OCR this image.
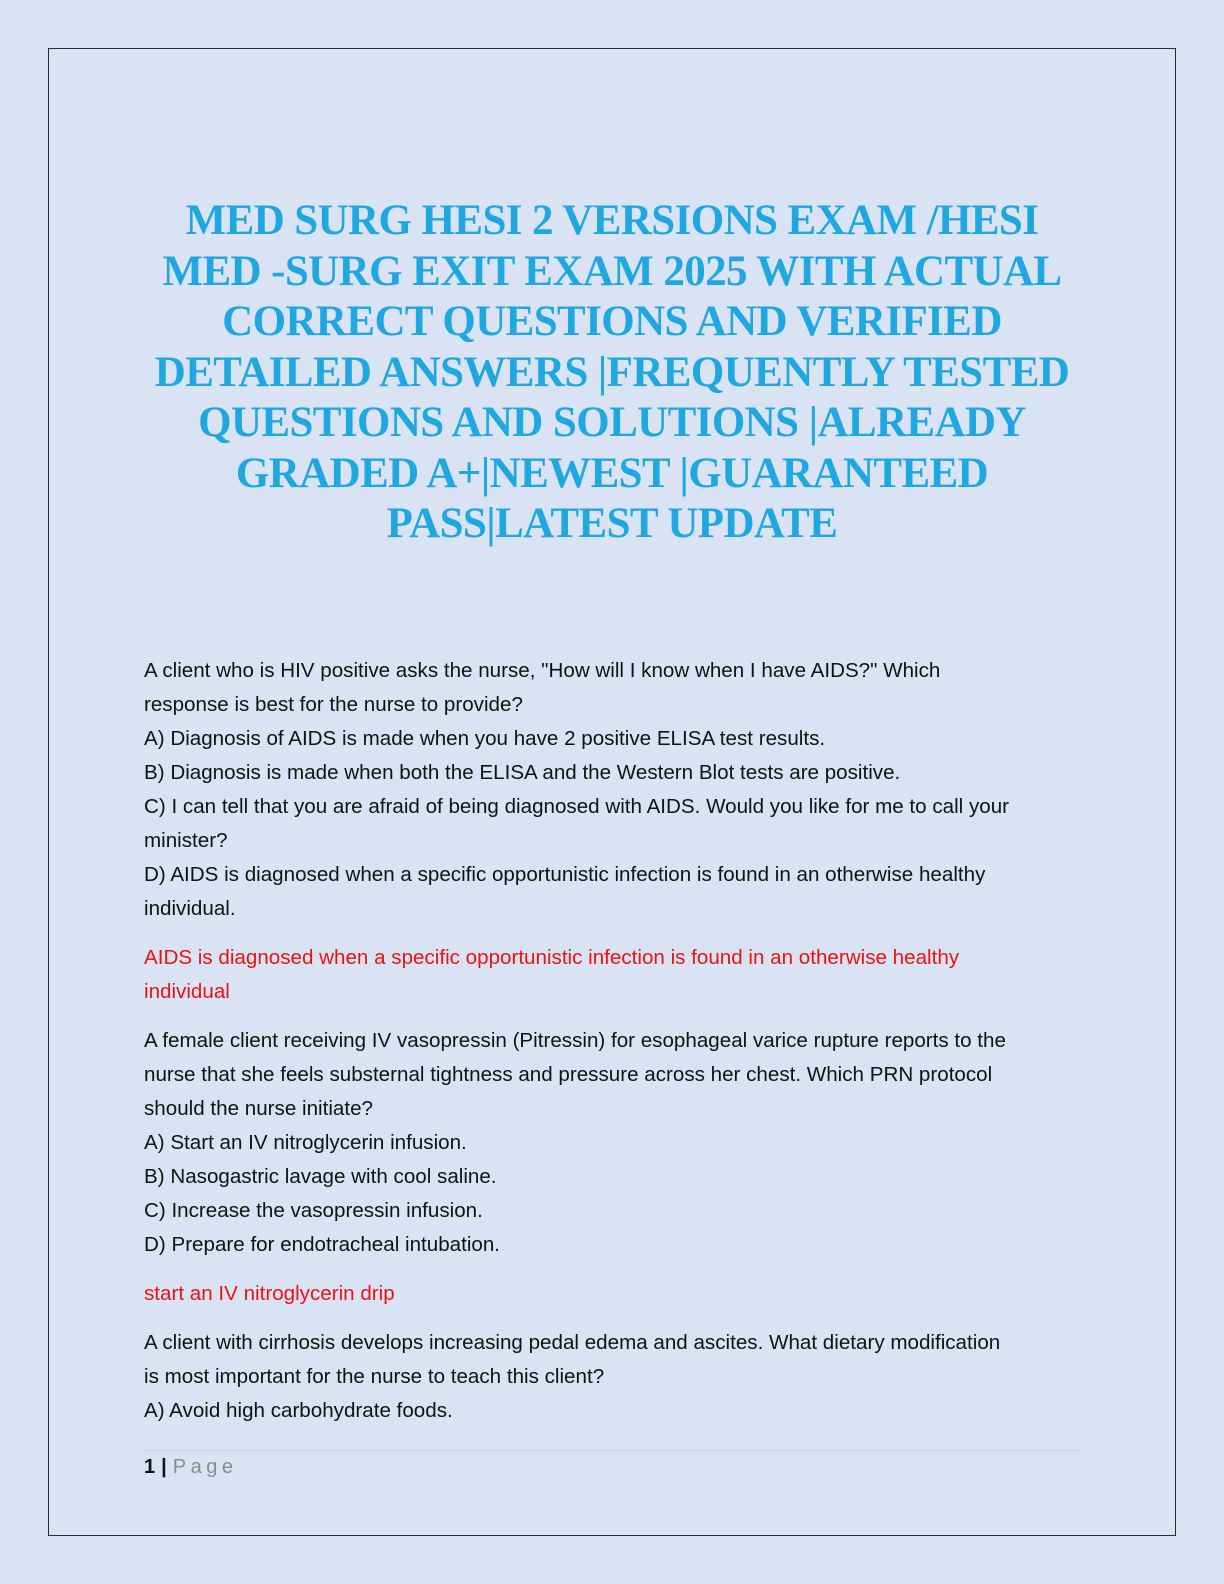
MED SURG HESI 2 VERSIONS EXAM /HESI
MED -SURG EXIT EXAM 2025 WITH ACTUAL
CORRECT QUESTIONS AND VERIFIED
DETAILED ANSWERS |FREQUENTLY TESTED
QUESTIONS AND SOLUTIONS |ALREADY
GRADED A+|NEWEST |GUARANTEED
PASS|LATEST UPDATE
A client who is HIV positive asks the nurse, "How will I know when I have AIDS?" Which
response is best for the nurse to provide?
A) Diagnosis of AIDS is made when you have 2 positive ELISA test results.
B) Diagnosis is made when both the ELISA and the Western Blot tests are positive.
C) I can tell that you are afraid of being diagnosed with AIDS. Would you like for me to call your
minister?
D) AIDS is diagnosed when a specific opportunistic infection is found in an otherwise healthy
individual.
AIDS is diagnosed when a specific opportunistic infection is found in an otherwise healthy
individual
A female client receiving IV vasopressin (Pitressin) for esophageal varice rupture reports to the
nurse that she feels substernal tightness and pressure across her chest. Which PRN protocol
should the nurse initiate?
A) Start an IV nitroglycerin infusion.
B) Nasogastric lavage with cool saline.
C) Increase the vasopressin infusion.
D) Prepare for endotracheal intubation.
start an IV nitroglycerin drip
A client with cirrhosis develops increasing pedal edema and ascites. What dietary modification
is most important for the nurse to teach this client?
A) Avoid high carbohydrate foods.
1 | Page
